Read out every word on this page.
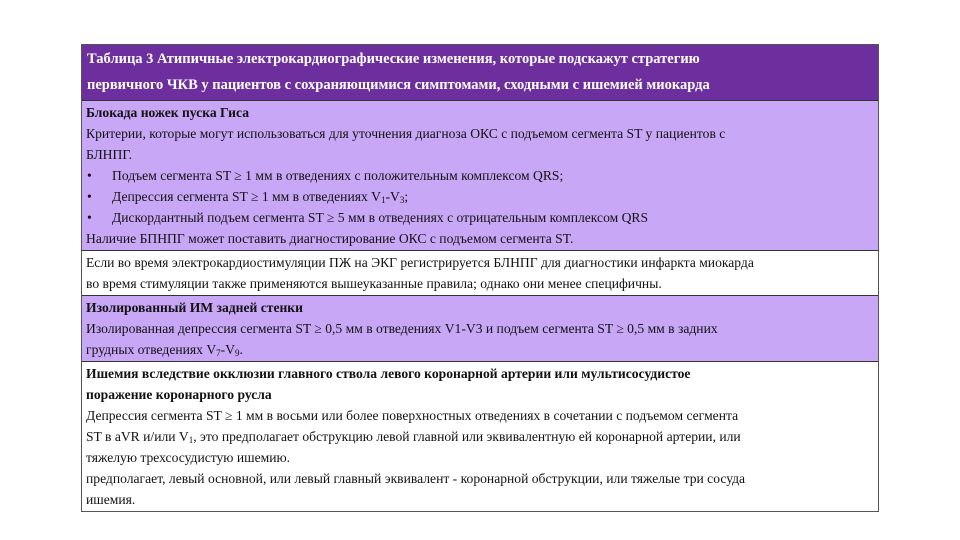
Таблица 3 Атипичные электрокардиографические изменения, которые подскажут стратегию
первичного ЧКВ у пациентов с сохраняющимися симптомами, сходными с ишемией миокарда
Блокада ножек пуска Гиса
Критерии, которые могут использоваться для уточнения диагноза ОКС с подъемом сегмента ST у пациентов с
БЛНПГ.
•	Подъем сегмента ST ≥ 1 мм в отведениях с положительным комплексом QRS;
•	Депрессия сегмента ST ≥ 1 мм в отведениях $V_1-V_3$;
•	Дискордантный подъем сегмента ST ≥ 5 мм в отведениях с отрицательным комплексом QRS
Наличие БПНПГ может поставить диагностирование ОКС с подъемом сегмента ST.
Если во время электрокардиостимуляции ПЖ на ЭКГ регистрируется БЛНПГ для диагностики инфаркта миокарда
во время стимуляции также применяются вышеуказанные правила; однако они менее специфичны.
Изолированный ИМ задней стенки
Изолированная депрессия сегмента ST ≥ 0,5 мм в отведениях V1-V3 и подъем сегмента ST ≥ 0,5 мм в задних
грудных отведениях $V_7-V_9$.
Ишемия вследствие окклюзии главного ствола левого коронарной артерии или мультисосудистое
поражение коронарного русла
Депрессия сегмента ST ≥ 1 мм в восьми или более поверхностных отведениях в сочетании с подъемом сегмента
ST в aVR и/или $V_1$, это предполагает обструкцию левой главной или эквивалентную ей коронарной артерии, или
тяжелую трехсосудистую ишемию.
предполагает, левый основной, или левый главный эквивалент - коронарной обструкции, или тяжелые три сосуда
ишемия.
